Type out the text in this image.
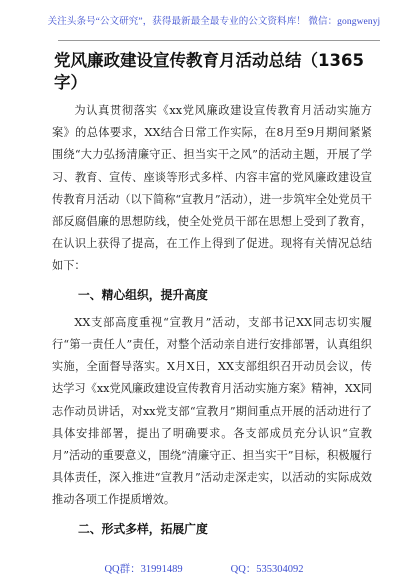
关注头条号“公文研究”，获得最新最全最专业的公文资料库！ 微信：gongwenyj
党风廉政建设宣传教育月活动总结（1365字）

为认真贯彻落实《xx党风廉政建设宣传教育月活动实施方案》的总体要求，XX结合日常工作实际，在8月至9月期间紧紧围绕“大力弘扬清廉守正、担当实干之风”的活动主题，开展了学习、教育、宣传、座谈等形式多样、内容丰富的党风廉政建设宣传教育月活动（以下简称“宣教月”活动），进一步筑牢全处党员干部反腐倡廉的思想防线，使全处党员干部在思想上受到了教育，在认识上获得了提高，在工作上得到了促进。现将有关情况总结如下：

一、精心组织，提升高度

XX支部高度重视“宣教月”活动，支部书记XX同志切实履行“第一责任人”责任，对整个活动亲自进行安排部署，认真组织实施，全面督导落实。X月X日，XX支部组织召开动员会议，传达学习《xx党风廉政建设宣传教育月活动实施方案》精神，XX同志作动员讲话，对xx党支部“宣教月”期间重点开展的活动进行了具体安排部署，提出了明确要求。各支部成员充分认识“宣教月”活动的重要意义，围绕“清廉守正、担当实干”目标，积极履行具体责任，深入推进“宣教月”活动走深走实，以活动的实际成效推动各项工作提质增效。

二、形式多样，拓展广度
QQ群：31991489	QQ：535304092
